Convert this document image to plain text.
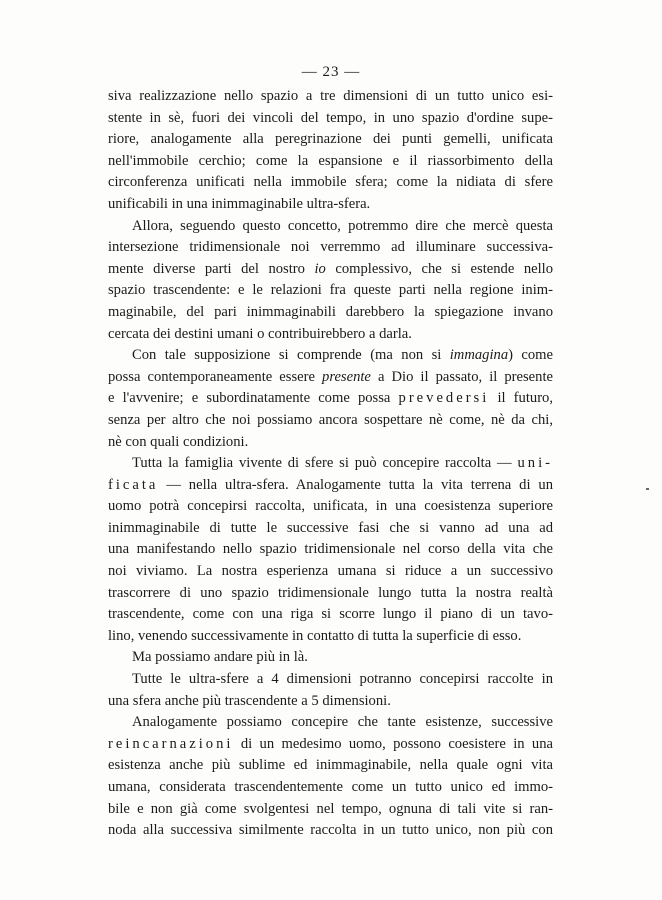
— 23 —

siva realizzazione nello spazio a tre dimensioni di un tutto unico esi-
stente in sè, fuori dei vincoli del tempo, in uno spazio d'ordine supe-
riore, analogamente alla peregrinazione dei punti gemelli, unificata
nell'immobile cerchio; come la espansione e il riassorbimento della
circonferenza unificati nella immobile sfera; come la nidiata di sfere
unificabili in una inimmaginabile ultra-sfera.

Allora, seguendo questo concetto, potremmo dire che mercè questa
intersezione tridimensionale noi verremmo ad illuminare successiva-
mente diverse parti del nostro io complessivo, che si estende nello
spazio trascendente: e le relazioni fra queste parti nella regione inim-
maginabile, del pari inimmaginabili darebbero la spiegazione invano
cercata dei destini umani o contribuirebbero a darla.

Con tale supposizione si comprende (ma non si immagina) come
possa contemporaneamente essere presente a Dio il passato, il presente
e l'avvenire; e subordinatamente come possa prevedersi il futuro,
senza per altro che noi possiamo ancora sospettare nè come, nè da chi,
nè con quali condizioni.

Tutta la famiglia vivente di sfere si può concepire raccolta — uni-
ficata — nella ultra-sfera. Analogamente tutta la vita terrena di un
uomo potrà concepirsi raccolta, unificata, in una coesistenza superiore
inimmaginabile di tutte le successive fasi che si vanno ad una ad
una manifestando nello spazio tridimensionale nel corso della vita che
noi viviamo. La nostra esperienza umana si riduce a un successivo
trascorrere di uno spazio tridimensionale lungo tutta la nostra realtà
trascendente, come con una riga si scorre lungo il piano di un tavo-
lino, venendo successivamente in contatto di tutta la superficie di esso.

Ma possiamo andare più in là.

Tutte le ultra-sfere a 4 dimensioni potranno concepirsi raccolte in
una sfera anche più trascendente a 5 dimensioni.

Analogamente possiamo concepire che tante esistenze, successive
reincarnazioni di un medesimo uomo, possono coesistere in una
esistenza anche più sublime ed inimmaginabile, nella quale ogni vita
umana, considerata trascendentemente come un tutto unico ed immo-
bile e non già come svolgentesi nel tempo, ognuna di tali vite si ran-
noda alla successiva similmente raccolta in un tutto unico, non più con
